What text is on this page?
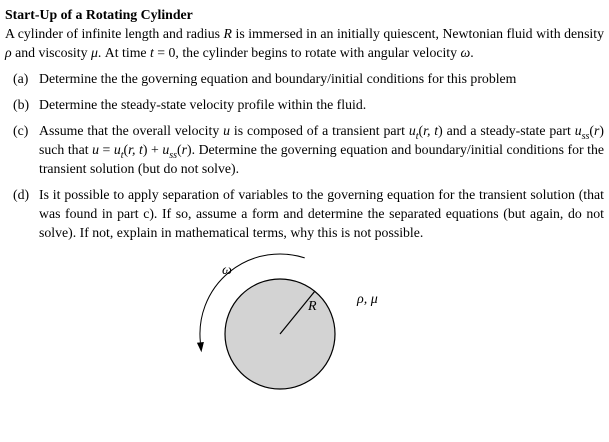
Start-Up of a Rotating Cylinder
A cylinder of infinite length and radius R is immersed in an initially quiescent, Newtonian fluid with density ρ and viscosity μ. At time t = 0, the cylinder begins to rotate with angular velocity ω.
(a) Determine the the governing equation and boundary/initial conditions for this problem
(b) Determine the steady-state velocity profile within the fluid.
(c) Assume that the overall velocity u is composed of a transient part $u_t(r$, t) and a steady-state part $u_{ss}(r)$ such that $u = u_t(r$, $t) + u_{ss}(r)$. Determine the governing equation and boundary/initial conditions for the transient solution (but do not solve).
(d) Is it possible to apply separation of variables to the governing equation for the transient solution (that was found in part c). If so, assume a form and determine the separated equations (but again, do not solve). If not, explain in mathematical terms, why this is not possible.
ω
R	ρ, μ
